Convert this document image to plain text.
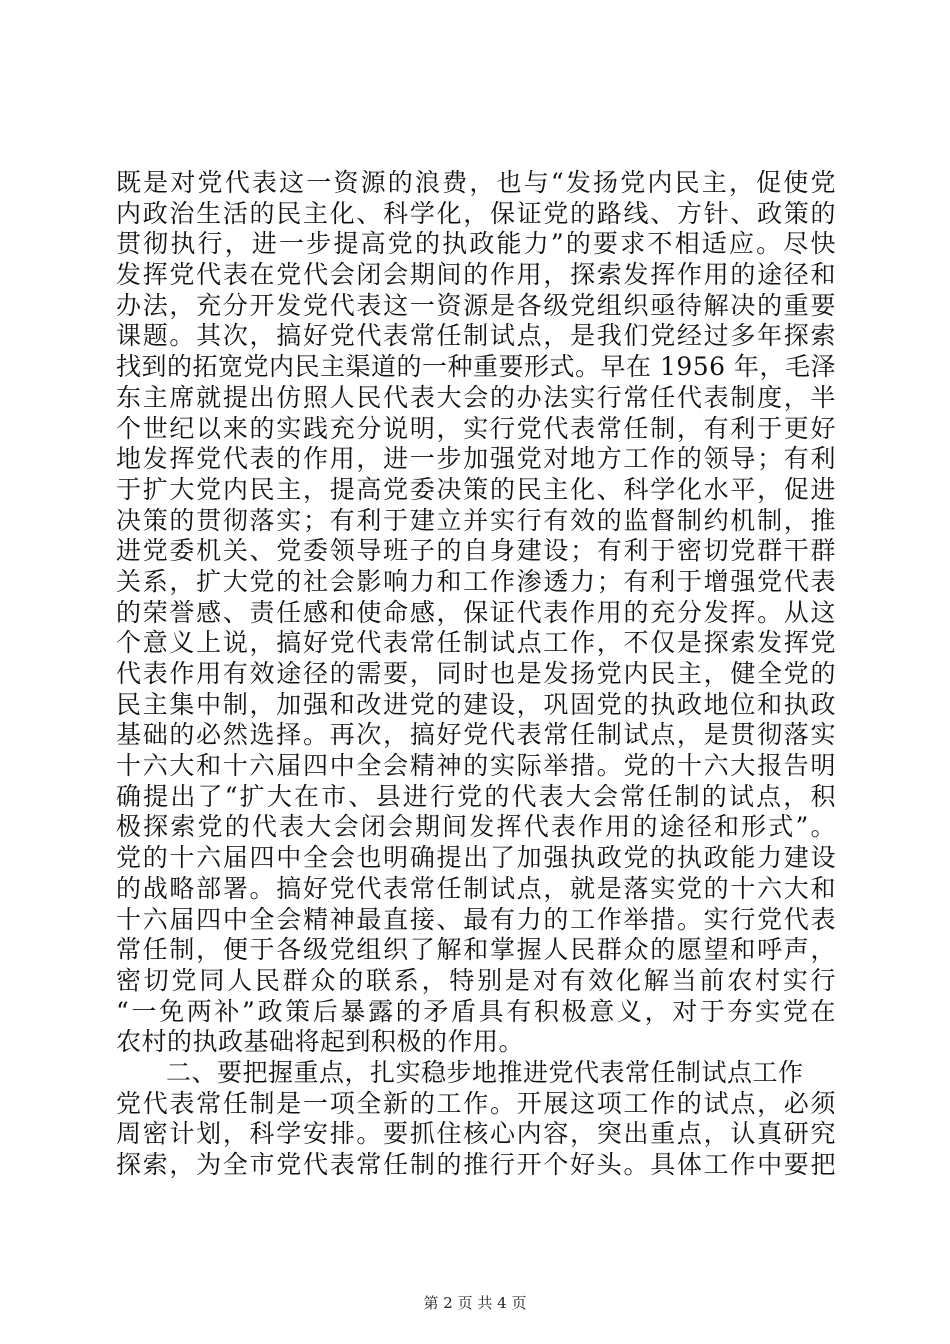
既是对党代表这一资源的浪费，也与“发扬党内民主，促使党
内政治生活的民主化、科学化，保证党的路线、方针、政策的
贯彻执行，进一步提高党的执政能力”的要求不相适应。尽快
发挥党代表在党代会闭会期间的作用，探索发挥作用的途径和
办法，充分开发党代表这一资源是各级党组织亟待解决的重要
课题。其次，搞好党代表常任制试点，是我们党经过多年探索
找到的拓宽党内民主渠道的一种重要形式。早在 1956 年，毛泽
东主席就提出仿照人民代表大会的办法实行常任代表制度，半
个世纪以来的实践充分说明，实行党代表常任制，有利于更好
地发挥党代表的作用，进一步加强党对地方工作的领导；有利
于扩大党内民主，提高党委决策的民主化、科学化水平，促进
决策的贯彻落实；有利于建立并实行有效的监督制约机制，推
进党委机关、党委领导班子的自身建设；有利于密切党群干群
关系，扩大党的社会影响力和工作渗透力；有利于增强党代表
的荣誉感、责任感和使命感，保证代表作用的充分发挥。从这
个意义上说，搞好党代表常任制试点工作，不仅是探索发挥党
代表作用有效途径的需要，同时也是发扬党内民主，健全党的
民主集中制，加强和改进党的建设，巩固党的执政地位和执政
基础的必然选择。再次，搞好党代表常任制试点，是贯彻落实
十六大和十六届四中全会精神的实际举措。党的十六大报告明
确提出了“扩大在市、县进行党的代表大会常任制的试点，积
极探索党的代表大会闭会期间发挥代表作用的途径和形式”。
党的十六届四中全会也明确提出了加强执政党的执政能力建设
的战略部署。搞好党代表常任制试点，就是落实党的十六大和
十六届四中全会精神最直接、最有力的工作举措。实行党代表
常任制，便于各级党组织了解和掌握人民群众的愿望和呼声，
密切党同人民群众的联系，特别是对有效化解当前农村实行
“一免两补”政策后暴露的矛盾具有积极意义，对于夯实党在
农村的执政基础将起到积极的作用。
二、要把握重点，扎实稳步地推进党代表常任制试点工作
党代表常任制是一项全新的工作。开展这项工作的试点，必须
周密计划，科学安排。要抓住核心内容，突出重点，认真研究
探索，为全市党代表常任制的推行开个好头。具体工作中要把
第 2 页 共 4 页
